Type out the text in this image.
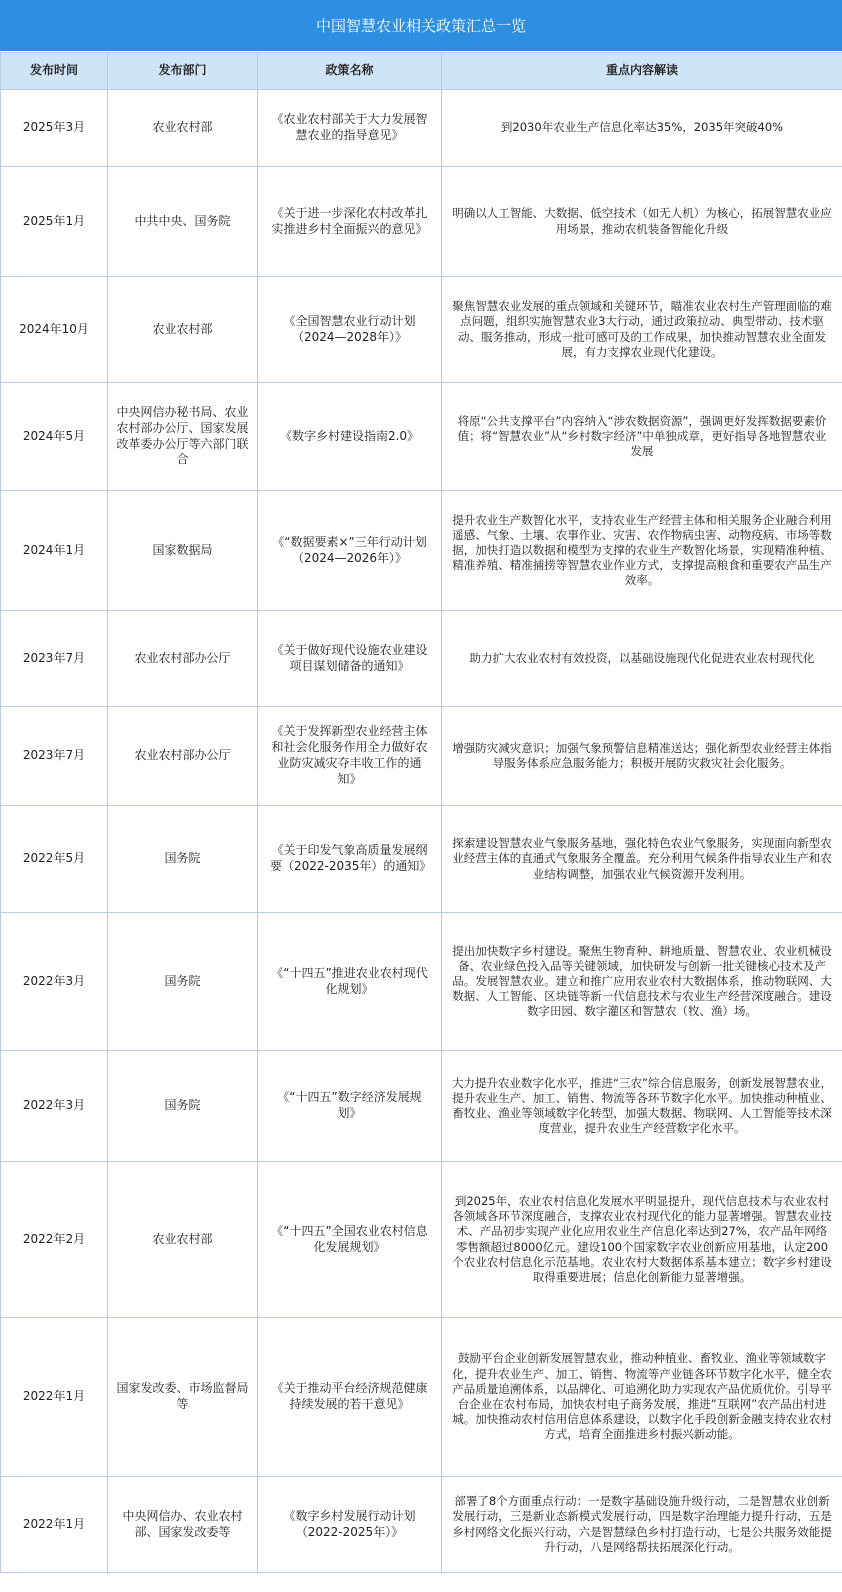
中国智慧农业相关政策汇总一览
发布时间	发布部门	政策名称	重点内容解读
2025年3月	农业农村部	《农业农村部关于大力发展智慧农业的指导意见》	到2030年农业生产信息化率达35%，2035年突破40%
2025年1月	中共中央、国务院	《关于进一步深化农村改革扎实推进乡村全面振兴的意见》	明确以人工智能、大数据、低空技术（如无人机）为核心，拓展智慧农业应用场景，推动农机装备智能化升级
2024年10月	农业农村部	《全国智慧农业行动计划（2024—2028年）》	聚焦智慧农业发展的重点领域和关键环节，瞄准农业农村生产管理面临的难点问题，组织实施智慧农业3大行动，通过政策拉动、典型带动、技术驱动、服务推动，形成一批可感可及的工作成果，加快推动智慧农业全面发展，有力支撑农业现代化建设。
2024年5月	中央网信办秘书局、农业农村部办公厅、国家发展改革委办公厅等六部门联合	《数字乡村建设指南2.0》	将原“公共支撑平台”内容纳入“涉农数据资源”，强调更好发挥数据要素价值；将“智慧农业”从“乡村数字经济”中单独成章，更好指导各地智慧农业发展
2024年1月	国家数据局	《“数据要素×”三年行动计划（2024—2026年）》	提升农业生产数智化水平，支持农业生产经营主体和相关服务企业融合利用遥感、气象、土壤、农事作业、灾害、农作物病虫害、动物疫病、市场等数据，加快打造以数据和模型为支撑的农业生产数智化场景，实现精准种植、精准养殖、精准捕捞等智慧农业作业方式，支撑提高粮食和重要农产品生产效率。
2023年7月	农业农村部办公厅	《关于做好现代设施农业建设项目谋划储备的通知》	助力扩大农业农村有效投资，以基础设施现代化促进农业农村现代化
2023年7月	农业农村部办公厅	《关于发挥新型农业经营主体和社会化服务作用全力做好农业防灾减灾夺丰收工作的通知》	增强防灾减灾意识；加强气象预警信息精准送达；强化新型农业经营主体指导服务体系应急服务能力；积极开展防灾救灾社会化服务。
2022年5月	国务院	《关于印发气象高质量发展纲要（2022-2035年）的通知》	探索建设智慧农业气象服务基地，强化特色农业气象服务，实现面向新型农业经营主体的直通式气象服务全覆盖。充分利用气候条件指导农业生产和农业结构调整，加强农业气候资源开发利用。
2022年3月	国务院	《“十四五”推进农业农村现代化规划》	提出加快数字乡村建设。聚焦生物育种、耕地质量、智慧农业、农业机械设备、农业绿色投入品等关键领域，加快研发与创新一批关键核心技术及产品。发展智慧农业。建立和推广应用农业农村大数据体系，推动物联网、大数据、人工智能、区块链等新一代信息技术与农业生产经营深度融合。建设数字田园、数字灌区和智慧农（牧、渔）场。
2022年3月	国务院	《“十四五”数字经济发展规划》	大力提升农业数字化水平，推进“三农”综合信息服务，创新发展智慧农业，提升农业生产、加工、销售、物流等各环节数字化水平。加快推动种植业、畜牧业、渔业等领域数字化转型，加强大数据、物联网、人工智能等技术深度营业，提升农业生产经营数字化水平。
2022年2月	农业农村部	《“十四五”全国农业农村信息化发展规划》	到2025年，农业农村信息化发展水平明显提升，现代信息技术与农业农村各领域各环节深度融合，支撑农业农村现代化的能力显著增强。智慧农业技术、产品初步实现产业化应用农业生产信息化率达到27%，农产品年网络零售额超过8000亿元。建设100个国家数字农业创新应用基地，认定200个农业农村信息化示范基地。农业农村大数据体系基本建立；数字乡村建设取得重要进展；信息化创新能力显著增强。
2022年1月	国家发改委、市场监督局等	《关于推动平台经济规范健康持续发展的若干意见》	鼓励平台企业创新发展智慧农业，推动种植业、畜牧业、渔业等领域数字化，提升农业生产、加工、销售、物流等产业链各环节数字化水平，健全农产品质量追溯体系，以品牌化、可追溯化助力实现农产品优质优价。引导平台企业在农村布局，加快农村电子商务发展，推进”互联网”农产品出村进城。加快推动农村信用信息体系建设，以数字化手段创新金融支持农业农村方式，培育全面推进乡村振兴新动能。
2022年1月	中央网信办、农业农村部、国家发改委等	《数字乡村发展行动计划（2022-2025年）》	部署了8个方面重点行动：一是数字基础设施升级行动，二是智慧农业创新发展行动，三是新业态新模式发展行动，四是数字治理能力提升行动，五是乡村网络文化振兴行动，六是智慧绿色乡村打造行动，七是公共服务效能提升行动，八是网络帮扶拓展深化行动。
